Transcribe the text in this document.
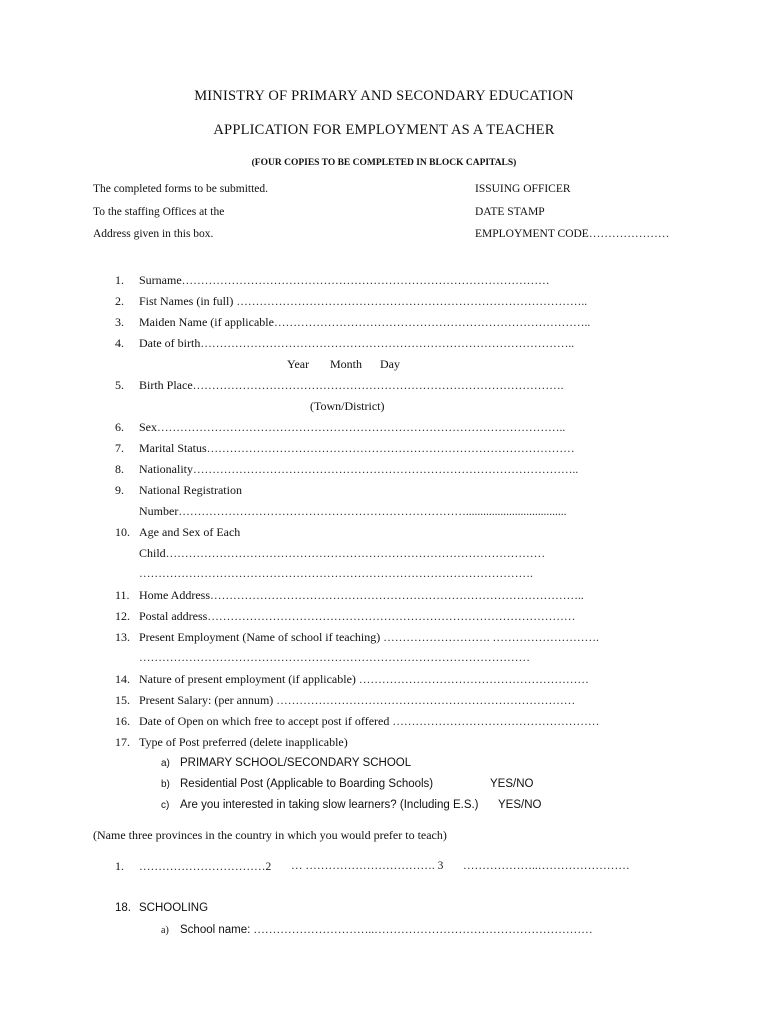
MINISTRY OF PRIMARY AND SECONDARY EDUCATION
APPLICATION FOR EMPLOYMENT AS A TEACHER
(FOUR COPIES TO BE COMPLETED IN BLOCK CAPITALS)
The completed forms to be submitted.
To the staffing Offices at the
Address given in this box.
ISSUING OFFICER
DATE STAMP
EMPLOYMENT CODE…………………
1. Surname……………………………………………………………………………………
2. Fist Names (in full) ………………………………………………………………………………..
3. Maiden Name (if applicable………………………………………………………………………..
4. Date of birth……………………………………………………………………………………..
Year Month Day
5. Birth Place…………………………………………………………………………………….
(Town/District)
6. Sex……………………………………………………………………………………………..
7. Marital Status……………………………………………………………………………………
8. Nationality………………………………………………………………………………………..
9. National Registration
Number…………………………………………………………………...................................
10. Age and Sex of Each
Child………………………………………………………………………………………
………………………………………………………………………………………….
11. Home Address……………………………………………………………………………………..
12. Postal address……………………………………………………………………………………
13. Present Employment (Name of school if teaching) ………………………. ……………………….
…………………………………………………………………………………………
14. Nature of present employment (if applicable) ……………………………………………………
15. Present Salary: (per annum) ……………………………………………………………………
16. Date of Open on which free to accept post if offered ………………………………………………
17. Type of Post preferred (delete inapplicable)
a) PRIMARY SCHOOL/SECONDARY SCHOOL
b) Residential Post (Applicable to Boarding Schools)	YES/NO
c) Are you interested in taking slow learners? (Including E.S.) YES/NO
(Name three provinces in the country in which you would prefer to teach)
1. ……………………………2 … ……………………………. 3 ………………..……………………
18. SCHOOLING
a) School name: …………………………..…………………………………………………
